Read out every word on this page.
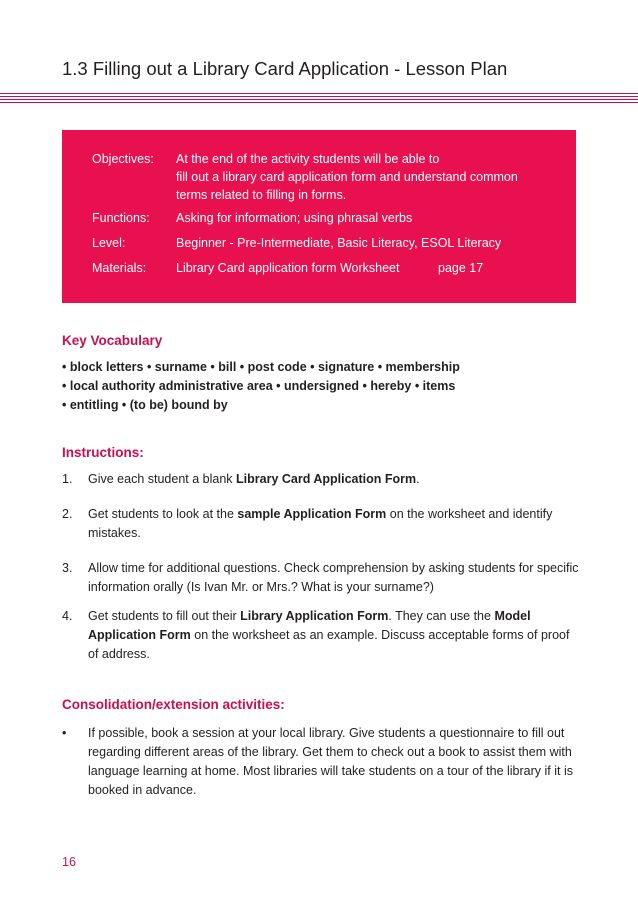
1.3 Filling out a Library Card Application - Lesson Plan
Objectives:	At the end of the activity students will be able to
fill out a library card application form and understand common
terms related to filling in forms.
Functions:	Asking for information; using phrasal verbs
Level:	Beginner - Pre-Intermediate, Basic Literacy, ESOL Literacy
Materials:	Library Card application form Worksheet	page 17
Key Vocabulary
• block letters • surname • bill • post code • signature • membership
• local authority administrative area • undersigned • hereby • items
• entitling • (to be) bound by
Instructions:
1. Give each student a blank Library Card Application Form.
2. Get students to look at the sample Application Form on the worksheet and identify mistakes.
3. Allow time for additional questions. Check comprehension by asking students for specific information orally (Is Ivan Mr. or Mrs.? What is your surname?)
4. Get students to fill out their Library Application Form. They can use the Model Application Form on the worksheet as an example. Discuss acceptable forms of proof of address.
Consolidation/extension activities:
• If possible, book a session at your local library. Give students a questionnaire to fill out regarding different areas of the library. Get them to check out a book to assist them with language learning at home. Most libraries will take students on a tour of the library if it is booked in advance.
16
